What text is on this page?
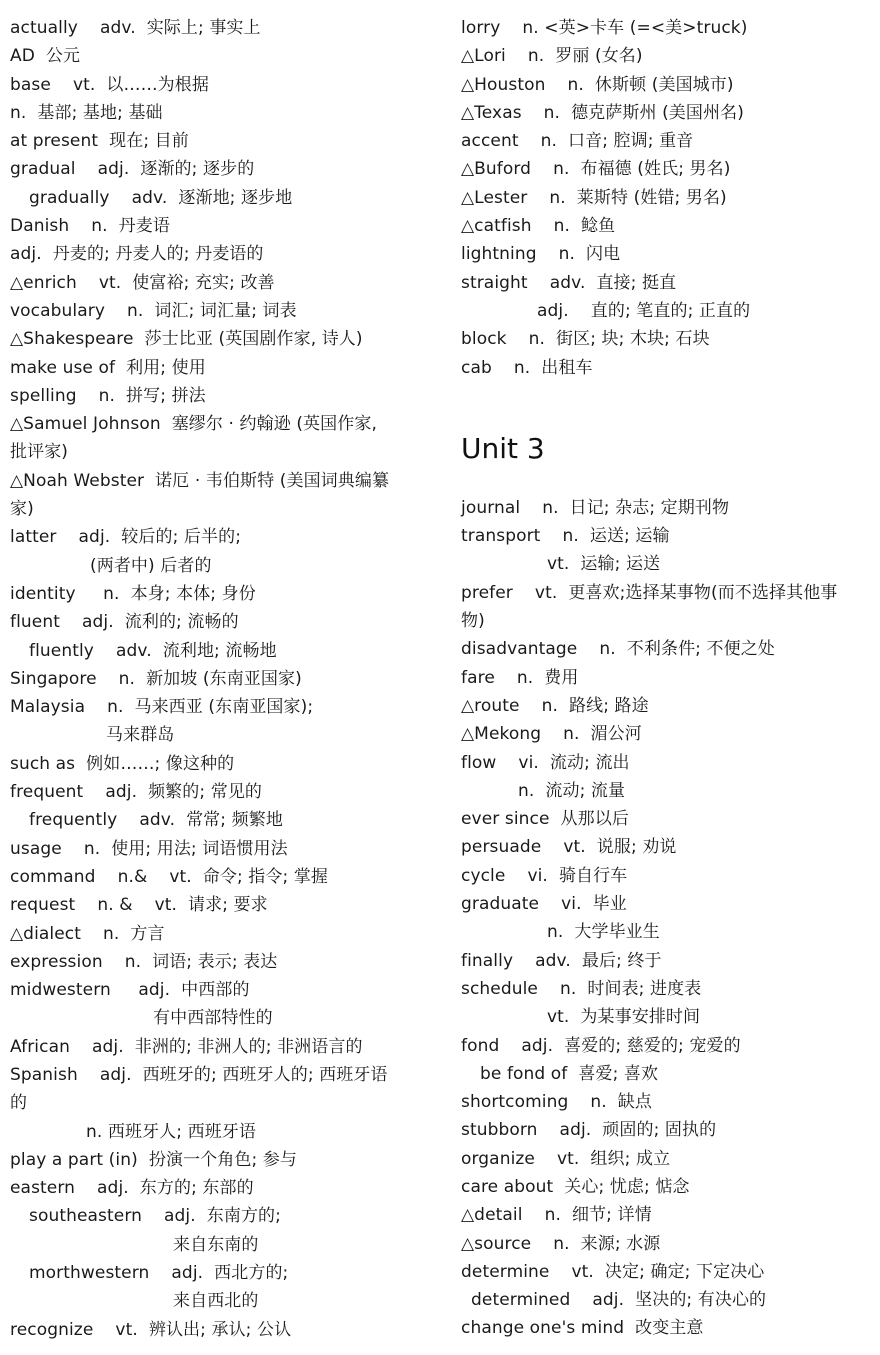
actually    adv.  实际上; 事实上
AD  公元
base    vt.  以……为根据
n.  基部; 基地; 基础
at present  现在; 目前
gradual    adj.  逐渐的; 逐步的
gradually    adv.  逐渐地; 逐步地
Danish    n.  丹麦语
adj.  丹麦的; 丹麦人的; 丹麦语的
△enrich    vt.  使富裕; 充实; 改善
vocabulary    n.  词汇; 词汇量; 词表
△Shakespeare  莎士比亚 (英国剧作家, 诗人)
make use of  利用; 使用
spelling    n.  拼写; 拼法
△Samuel Johnson  塞缪尔 · 约翰逊 (英国作家,
批评家)
△Noah Webster  诺厄 · 韦伯斯特 (美国词典编纂
家)
latter    adj.  较后的; 后半的;
(两者中) 后者的
identity     n.  本身; 本体; 身份
fluent    adj.  流利的; 流畅的
fluently    adv.  流利地; 流畅地
Singapore    n.  新加坡 (东南亚国家)
Malaysia    n.  马来西亚 (东南亚国家);
马来群岛
such as  例如……; 像这种的
frequent    adj.  频繁的; 常见的
frequently    adv.  常常; 频繁地
usage    n.  使用; 用法; 词语惯用法
command    n.&    vt.  命令; 指令; 掌握
request    n. &    vt.  请求; 要求
△dialect    n.  方言
expression    n.  词语; 表示; 表达
midwestern     adj.  中西部的
有中西部特性的
African    adj.  非洲的; 非洲人的; 非洲语言的
Spanish    adj.  西班牙的; 西班牙人的; 西班牙语
的
n. 西班牙人; 西班牙语
play a part (in)  扮演一个角色; 参与
eastern    adj.  东方的; 东部的
southeastern    adj.  东南方的;
来自东南的
morthwestern    adj.  西北方的;
来自西北的
recognize    vt.  辨认出; 承认; 公认
lorry    n. <英>卡车 (=<美>truck)
△Lori    n.  罗丽 (女名)
△Houston    n.  休斯顿 (美国城市)
△Texas    n.  德克萨斯州 (美国州名)
accent    n.  口音; 腔调; 重音
△Buford    n.  布福德 (姓氏; 男名)
△Lester    n.  莱斯特 (姓错; 男名)
△catfish    n.  鲶鱼
lightning    n.  闪电
straight    adv.  直接; 挺直
adj.    直的; 笔直的; 正直的
block    n.  街区; 块; 木块; 石块
cab    n.  出租车
Unit 3
journal    n.  日记; 杂志; 定期刊物
transport    n.  运送; 运输
vt.  运输; 运送
prefer    vt.  更喜欢;选择某事物(而不选择其他事
物)
disadvantage    n.  不利条件; 不便之处
fare    n.  费用
△route    n.  路线; 路途
△Mekong    n.  湄公河
flow    vi.  流动; 流出
n.  流动; 流量
ever since  从那以后
persuade    vt.  说服; 劝说
cycle    vi.  骑自行车
graduate    vi.  毕业
n.  大学毕业生
finally    adv.  最后; 终于
schedule    n.  时间表; 进度表
vt.  为某事安排时间
fond    adj.  喜爱的; 慈爱的; 宠爱的
be fond of  喜爱; 喜欢
shortcoming    n.  缺点
stubborn    adj.  顽固的; 固执的
organize    vt.  组织; 成立
care about  关心; 忧虑; 惦念
△detail    n.  细节; 详情
△source    n.  来源; 水源
determine    vt.  决定; 确定; 下定决心
determined    adj.  坚决的; 有决心的
change one's mind  改变主意
